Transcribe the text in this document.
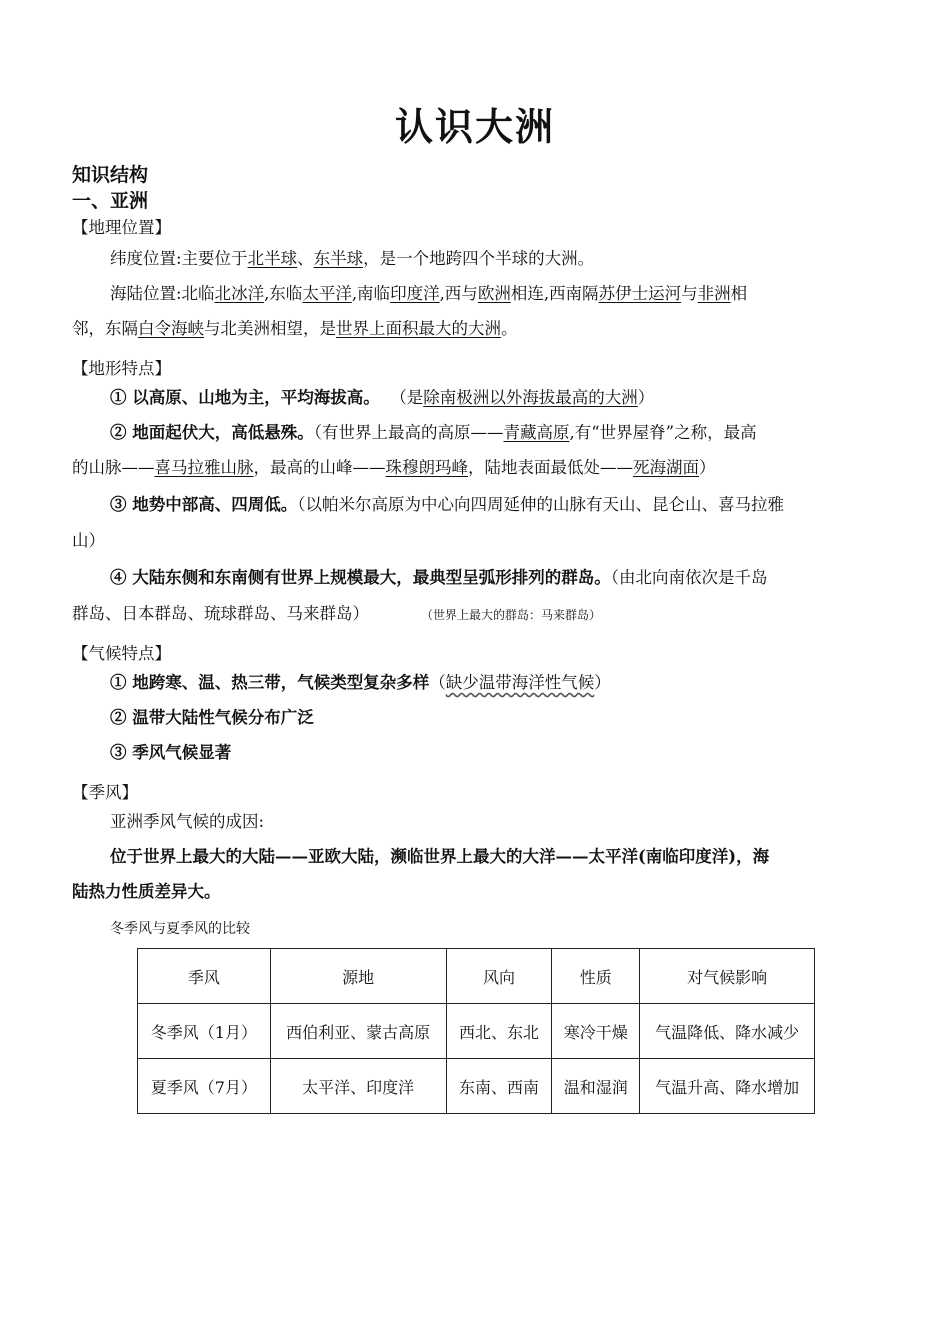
认识大洲
知识结构
一、亚洲
【地理位置】
纬度位置:主要位于北半球、东半球，是一个地跨四个半球的大洲。
海陆位置:北临北冰洋,东临太平洋,南临印度洋,西与欧洲相连,西南隔苏伊士运河与非洲相
邻，东隔白令海峡与北美洲相望，是世界上面积最大的大洲。
【地形特点】
① 以高原、山地为主，平均海拔高。 （是除南极洲以外海拔最高的大洲）
② 地面起伏大，高低悬殊。（有世界上最高的高原——青藏高原,有“世界屋脊”之称，最高
的山脉——喜马拉雅山脉，最高的山峰——珠穆朗玛峰，陆地表面最低处——死海湖面）
③ 地势中部高、四周低。（以帕米尔高原为中心向四周延伸的山脉有天山、昆仑山、喜马拉雅
山）
④ 大陆东侧和东南侧有世界上规模最大，最典型呈弧形排列的群岛。（由北向南依次是千岛
群岛、日本群岛、琉球群岛、马来群岛）	（世界上最大的群岛：马来群岛）
【气候特点】
① 地跨寒、温、热三带，气候类型复杂多样（缺少温带海洋性气候）
② 温带大陆性气候分布广泛
③ 季风气候显著
【季风】
亚洲季风气候的成因:
位于世界上最大的大陆——亚欧大陆，濒临世界上最大的大洋——太平洋(南临印度洋)，海
陆热力性质差异大。
冬季风与夏季风的比较
季风	源地	风向	性质	对气候影响
冬季风（1月）	西伯利亚、蒙古高原	西北、东北	寒冷干燥	气温降低、降水减少
夏季风（7月）	太平洋、印度洋	东南、西南	温和湿润	气温升高、降水增加
